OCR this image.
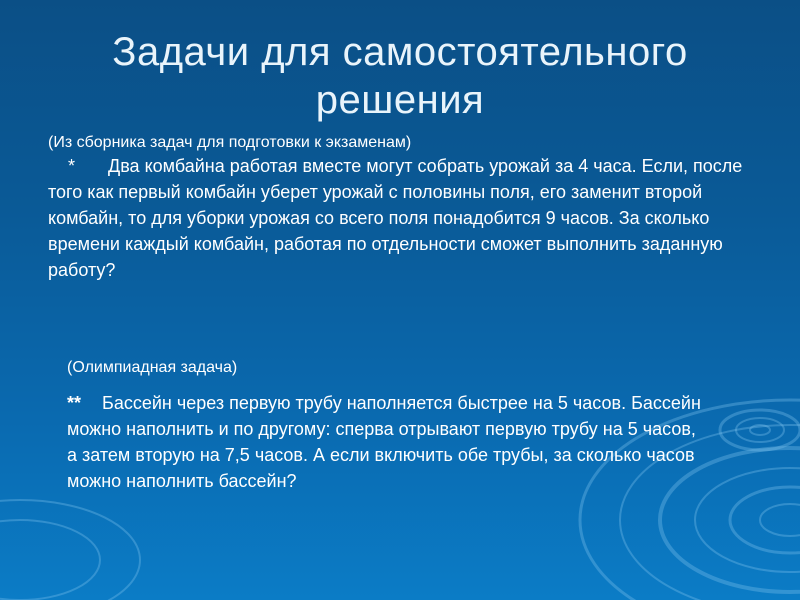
Задачи для самостоятельного решения
(Из сборника задач для подготовки к экзаменам)
* Два комбайна работая вместе могут собрать урожай за 4 часа. Если, после того как первый комбайн уберет урожай с половины поля, его заменит второй комбайн, то для уборки урожая со всего поля понадобится 9 часов. За сколько времени каждый комбайн, работая по отдельности сможет выполнить заданную работу?
(Олимпиадная задача)
** Бассейн через первую трубу наполняется быстрее на 5 часов. Бассейн можно наполнить и по другому: сперва отрывают первую трубу на 5 часов, а затем вторую на 7,5 часов. А если включить обе трубы, за сколько часов можно наполнить бассейн?
